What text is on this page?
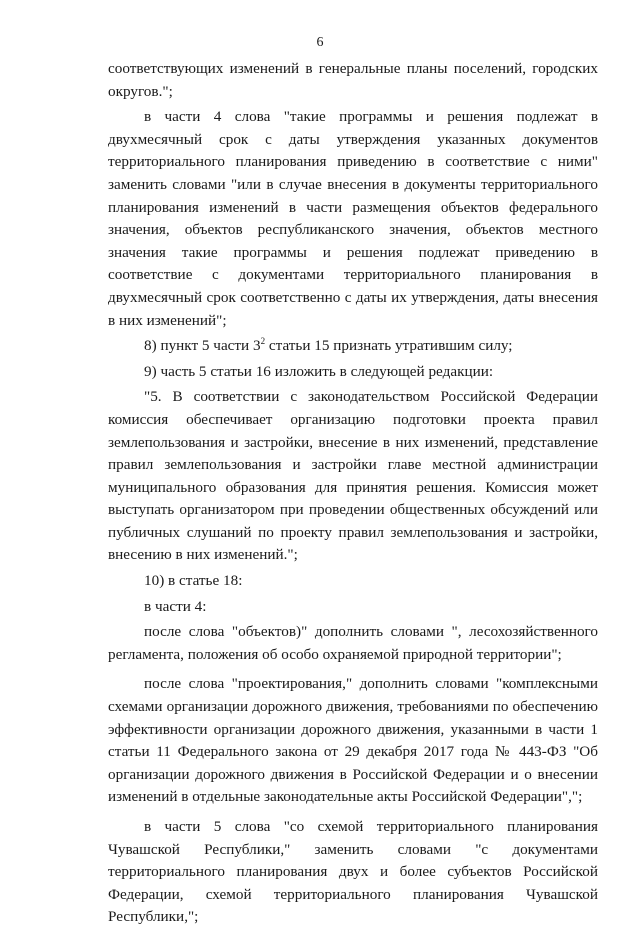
6

соответствующих изменений в генеральные планы поселений, городских округов.";

в части 4 слова "такие программы и решения подлежат в двухмесячный срок с даты утверждения указанных документов территориального планирования приведению в соответствие с ними" заменить словами "или в случае внесения в документы территориального планирования изменений в части размещения объектов федерального значения, объектов республиканского значения, объектов местного значения такие программы и решения подлежат приведению в соответствие с документами территориального планирования в двухмесячный срок соответственно с даты их утверждения, даты внесения в них изменений";

8) пункт 5 части $3^2$ статьи 15 признать утратившим силу;

9) часть 5 статьи 16 изложить в следующей редакции:

"5. В соответствии с законодательством Российской Федерации комиссия обеспечивает организацию подготовки проекта правил землепользования и застройки, внесение в них изменений, представление правил землепользования и застройки главе местной администрации муниципального образования для принятия решения. Комиссия может выступать организатором при проведении общественных обсуждений или публичных слушаний по проекту правил землепользования и застройки, внесению в них изменений.";

10) в статье 18:

в части 4:

после слова "объектов)" дополнить словами ", лесохозяйственного регламента, положения об особо охраняемой природной территории";

после слова "проектирования," дополнить словами "комплексными схемами организации дорожного движения, требованиями по обеспечению эффективности организации дорожного движения, указанными в части 1 статьи 11 Федерального закона от 29 декабря 2017 года № 443-ФЗ "Об организации дорожного движения в Российской Федерации и о внесении изменений в отдельные законодательные акты Российской Федерации",";

в части 5 слова "со схемой территориального планирования Чувашской Республики," заменить словами "с документами территориального планирования двух и более субъектов Российской Федерации, схемой территориального планирования Чувашской Республики,";
